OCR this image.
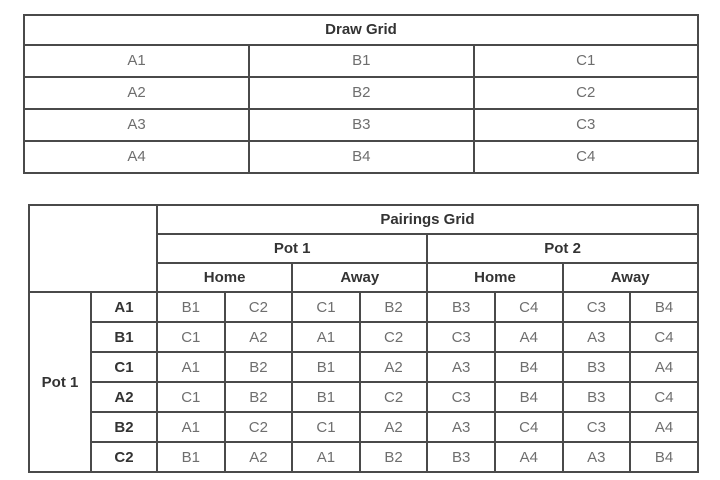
Draw Grid		
A1	B1	C1
A2	B2	C2
A3	B3	C3
A4	B4	C4
		Pairings Grid							
		Pot 1				Pot 2			
		Home		Away		Home		Away	
Pot 1	A1	B1	C2	C1	B2	B3	C4	C3	B4
	B1	C1	A2	A1	C2	C3	A4	A3	C4
	C1	A1	B2	B1	A2	A3	B4	B3	A4
	A2	C1	B2	B1	C2	C3	B4	B3	C4
	B2	A1	C2	C1	A2	A3	C4	C3	A4
	C2	B1	A2	A1	B2	B3	A4	A3	B4
